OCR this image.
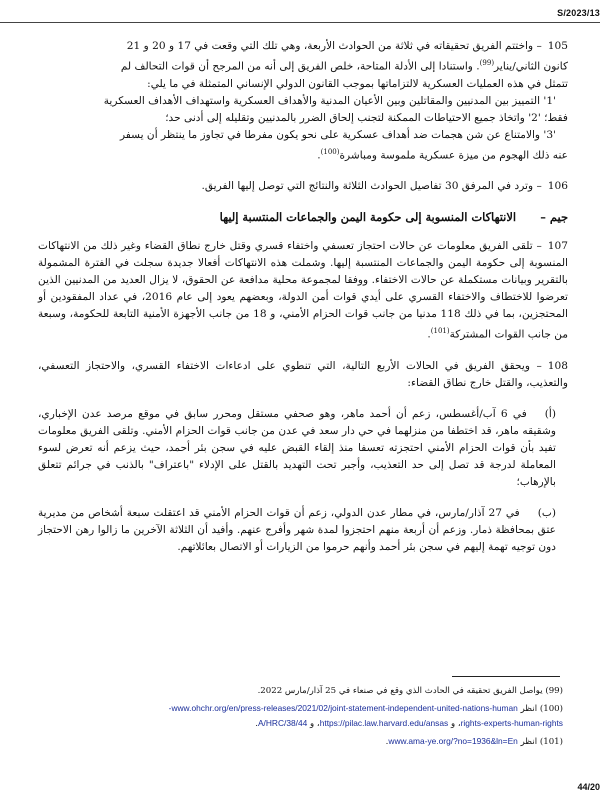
S/2023/13
105– واختتم الفريق تحقيقاته في ثلاثة من الحوادث الأربعة، وهي تلك التي وقعت في 17 و 20 و 21
كانون الثاني/يناير$^{(99)}$. واستنادا إلى الأدلة المتاحة، خلص الفريق إلى أنه من المرجح أن قوات التحالف لم
تتمثل في هذه العمليات العسكرية لالتزاماتها بموجب القانون الدولي الإنساني المتمثلة في ما يلي:
'1' التمييز بين المدنيين والمقاتلين وبين الأعيان المدنية والأهداف العسكرية واستهداف الأهداف العسكرية
فقط؛ '2' واتخاذ جميع الاحتياطات الممكنة لتجنب إلحاق الضرر بالمدنيين وتقليله إلى أدنى حد؛
'3' والامتناع عن شن هجمات ضد أهداف عسكرية على نحو يكون مفرطا في تجاوز ما ينتظر أن يسفر
عنه ذلك الهجوم من ميزة عسكرية ملموسة ومباشرة$^{(100)}$.
106– وترد في المرفق 30 تفاصيل الحوادث الثلاثة والنتائج التي توصل إليها الفريق.
جيم –
الانتهاكات المنسوبة إلى حكومة اليمن والجماعات المنتسبة إليها
107– تلقى الفريق معلومات عن حالات احتجاز تعسفي واختفاء قسري وقتل خارج نطاق القضاء وغير ذلك من الانتهاكات المنسوبة إلى حكومة اليمن والجماعات المنتسبة إليها. وشملت هذه الانتهاكات أفعالا جديدة سجلت في الفترة المشمولة بالتقرير وبيانات مستكملة عن حالات الاختفاء. ووفقا لمجموعة محلية مدافعة عن الحقوق، لا يزال العديد من المدنيين الذين تعرضوا للاختطاف والاختفاء القسري على أيدي قوات أمن الدولة، وبعضهم يعود إلى عام 2016، في عداد المفقودين أو المحتجزين، بما في ذلك 118 مدنيا من جانب قوات الحزام الأمني، و 18 من جانب الأجهزة الأمنية التابعة للحكومة، وسبعة من جانب القوات المشتركة$^{(101)}$.
108– ويحقق الفريق في الحالات الأربع التالية، التي تنطوي على ادعاءات الاختفاء القسري، والاحتجاز التعسفي، والتعذيب، والقتل خارج نطاق القضاء:
(أ)في 6 آب/أغسطس، زعم أن أحمد ماهر، وهو صحفي مستقل ومحرر سابق في موقع مرصد عدن الإخباري، وشقيقه ماهر، قد اختطفا من منزلهما في حي دار سعد في عدن من جانب قوات الحزام الأمني. وتلقى الفريق معلومات تفيد بأن قوات الحزام الأمني احتجزته تعسفا منذ إلقاء القبض عليه في سجن بئر أحمد، حيث يزعم أنه تعرض لسوء المعاملة لدرجة قد تصل إلى حد التعذيب، وأجبر تحت التهديد بالقتل على الإدلاء "باعتراف" بالذنب في جرائم تتعلق بالإرهاب؛
(ب)في 27 آذار/مارس، في مطار عدن الدولي، زعم أن قوات الحزام الأمني قد اعتقلت سبعة أشخاص من مديرية عتق بمحافظة ذمار. وزعم أن أربعة منهم احتجزوا لمدة شهر وأفرج عنهم. وأفيد أن الثلاثة الآخرين ما زالوا رهن الاحتجاز دون توجيه تهمة إليهم في سجن بئر أحمد وأنهم حرموا من الزيارات أو الاتصال بعائلاتهم.
(99) يواصل الفريق تحقيقه في الحادث الذي وقع في صنعاء في 25 آذار/مارس 2022.
(100) انظر www.ohchr.org/en/press-releases/2021/02/joint-statement-independent-united-nations-human-
rights-experts-human-rights، و https://pilac.law.harvard.edu/ansas، و A/HRC/38/44.
(101) انظر www.ama-ye.org/?no=1936&ln=En.
44/20
